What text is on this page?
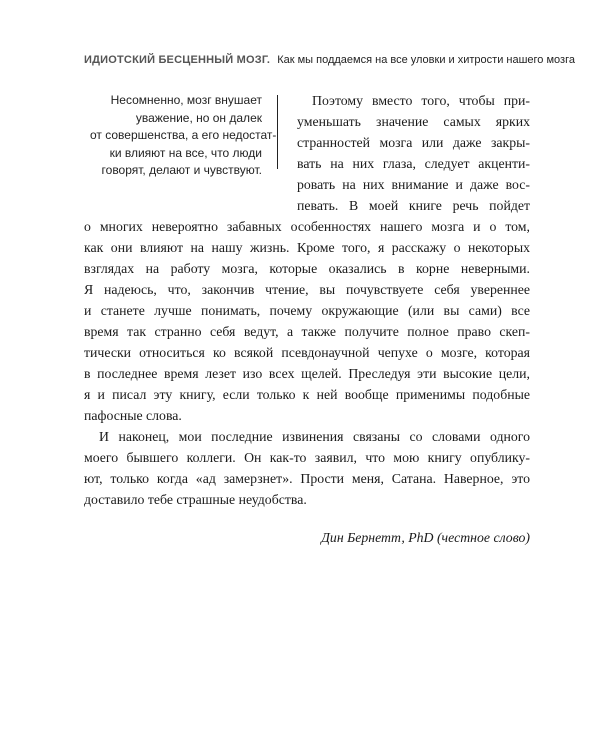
ИДИОТСКИЙ БЕСЦЕННЫЙ МОЗГ. Как мы поддаемся на все уловки и хитрости нашего мозга
Несомненно, мозг внушает
уважение, но он далек
от совершенства, а его недостат-
ки влияют на все, что люди
говорят, делают и чувствуют.
Поэтому вместо того, чтобы при-
уменьшать значение самых ярких
странностей мозга или даже закры-
вать на них глаза, следует акценти-
ровать на них внимание и даже вос-
певать. В моей книге речь пойдет
о многих невероятно забавных особенностях нашего мозга и о том,
как они влияют на нашу жизнь. Кроме того, я расскажу о некоторых
взглядах на работу мозга, которые оказались в корне неверными.
Я надеюсь, что, закончив чтение, вы почувствуете себя увереннее
и станете лучше понимать, почему окружающие (или вы сами) все
время так странно себя ведут, а также получите полное право скеп-
тически относиться ко всякой псевдонаучной чепухе о мозге, которая
в последнее время лезет изо всех щелей. Преследуя эти высокие цели,
я и писал эту книгу, если только к ней вообще применимы подобные
пафосные слова.
И наконец, мои последние извинения связаны со словами одного
моего бывшего коллеги. Он как-то заявил, что мою книгу опублику-
ют, только когда «ад замерзнет». Прости меня, Сатана. Наверное, это
доставило тебе страшные неудобства.
Дин Бернетт, PhD (честное слово)
